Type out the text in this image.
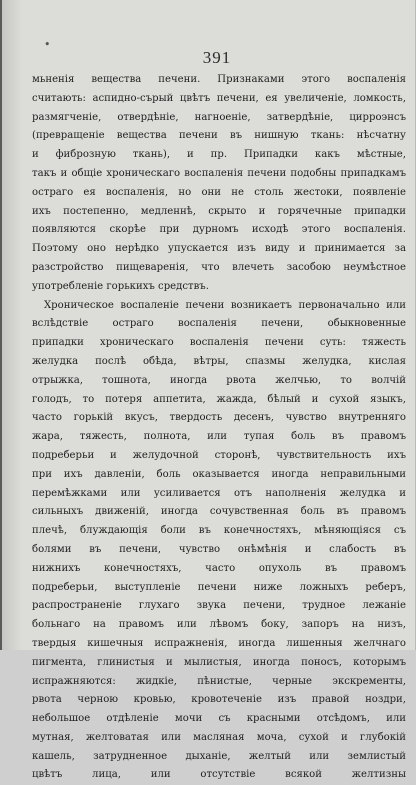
•
391
мьненія вещества печени. Признаками этого воспаленія
считають: аспидно-сърый цвѣтъ печени, ея увеличеніе, ломкость,
размягченіе, отвердѣніе, нагноеніе, затвердѣніе, цирроэнсъ
(превращеніе вещества печени въ нишную ткань: нѣсчатну
и фиброзную ткань), и пр. Припадки какъ мѣстные,
такъ и общіе хроническаго воспаленія печени подобны припадкамъ
остраго ея воспаленія, но они не столь жестоки, появленіе
ихъ постепенно, медленнѣ, скрыто и горячечные припадки
появляются скорѣе при дурномъ исходѣ этого воспаленія.
Поэтому оно нерѣдко упускается изъ виду и принимается за
разстройство пищеваренія, что влечеть засобою неумѣстное
употребленіе горькихъ средствъ.
Хроническое воспаленіе печени возникаетъ первоначально или
вслѣдствіе остраго воспаленія печени, обыкновенные
припадки хроническаго воспаленія печени суть: тяжесть
желудка послѣ обѣда, вѣтры, спазмы желудка, кислая
отрыжка, тошнота, иногда рвота желчью, то волчій
голодъ, то потеря аппетита, жажда, бѣлый и сухой языкъ,
часто горькій вкусъ, твердость десенъ, чувство внутренняго
жара, тяжесть, полнота, или тупая боль въ правомъ
подреберьи и желудочной сторонѣ, чувствительность ихъ
при ихъ давленіи, боль оказывается иногда неправильными
перемѣжками или усиливается отъ наполненія желудка и
сильныхъ движеній, иногда сочувственная боль въ правомъ
плечѣ, блуждающія боли въ конечностяхъ, мѣняющіяся съ
болями въ печени, чувство онѣмѣнія и слабость въ
нижнихъ конечностяхъ, часто опухоль въ правомъ
подреберьи, выступленіе печени ниже ложныхъ реберъ,
распространеніе глухаго звука печени, трудное лежаніе
больнаго на правомъ или лѣвомъ боку, запоръ на низъ,
твердыя кишечныя испражненія, иногда лишенныя желчнаго
пигмента, глинистыя и мылистыя, иногда поносъ, которымъ
испражняются: жидкіе, пѣнистые, черные экскременты,
рвота черною кровью, кровотеченіе изъ правой ноздри,
небольшое отдѣленіе мочи съ красными отсѣдомъ, или
мутная, желтоватая или масляная моча, сухой и глубокій
кашель, затрудненное дыханіе, желтый или землистый
цвѣтъ лица, или отсутствіе всякой желтизны
